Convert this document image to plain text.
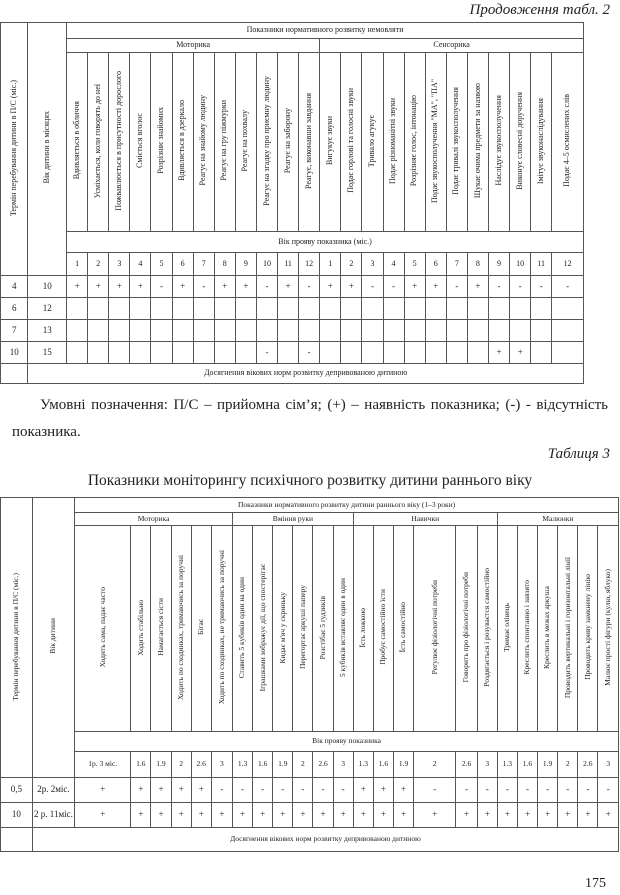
Продовження табл. 2
Термін перебування дитини в П/С (міс.)	Вік дитини в місяцях	Показники нормативного розвитку немовляти																							
		Моторика												Сенсорика											
		Вдивляється в обличчя	Усміхається, коли говорять до неї	Пожвавлюється в присутності дорослого	Сміється вголос	Розрізняє знайомих	Вдивляється в дзеркало	Реагує на знайому людину	Реагує на гру піжмурки	Реагує на похвалу	Реагує на згадку про приємну людину	Реагує на заборону	Реагує, виконавши завдання	Вигукує звуки	Подає горлові та голосні звуки	Тривало агукує	Подає різноманітні звуки	Розрізняє голос, інтонацію	Подає звукосполучення "МА", "ПА"	Подає тривалі звукосполучення	Шукає очима предмети за назвою	Наслідує звукосполучення	Виконує словесні доручення	Імітує звуконаслідування	Подає 4–5 осмислених слів
		Вік прояву показника (міс.)																							
		1	2	3	4	5	6	7	8	9	10	11	12	1	2	3	4	5	6	7	8	9	10	11	12
4	10	+	+	+	+	-	+	-	+	+	-	+	-	+	+	-	-	+	+	-	+	-	-	-	-
6	12																								
7	13																								
10	15										-		-									+	+		
	Досягнення вікових норм розвитку депривованою дитиною																								
Умовні позначення: П/С – прийомна сім’я; (+) – наявність показника; (-) - відсутність показника.
Таблиця 3
Показники моніторингу психічного розвитку дитини раннього віку
Термін перебування дитини в П/С (міс.)	Вік дитини	Показники нормативного розвитку дитини раннього віку (1–3 роки)																							
		Моторика						Вміння руки						Навички						Малюнки					
		Ходить сама, падає часто	Ходить стабільно	Намагається сісти	Ходить по сходинках, тримаючись за поручні	Бігає	Ходить по сходинках, не тримаючись за поручні	Ставить 5 кубиків один на один	Іграшками зображує дії, що спостерігає	Кидає м'яч у скриньку	Перегортає аркуші паперу	Розстібає 5 ґудзиків	5 кубиків вставляє один в один	Їсть ложкою	Пробує самостійно їсти	Їсть самостійно	Регулює фізіологічні потреби	Говорить про фізіологічні потреби	Роздягається і розуваєтся самостійно	Тримає олівець	Креслить спонтанно і завзято	Креслить в межах аркуша	Проводить вертикальні і горизонтальні лінії	Проводить криву замкнену лінію	Малює прості фігури (кулю, яблуко)
		Вік прояву показника																							
		1р. 3 міс.	1.6	1.9	2	2.6	3	1.3	1.6	1.9	2	2.6	3	1.3	1.6	1.9	2	2.6	3	1.3	1.6	1.9	2	2.6	3
0,5	2р. 2міс.	+	+	+	+	+	-	-	-	-	-	-	-	+	+	+	-	-	-	-	-	-	-	-	-
10	2 р. 11міс.	+	+	+	+	+	+	+	+	+	+	+	+	+	+	+	+	+	+	+	+	+	+	+	+
	Досягнення вікових норм розвитку депривованою дитиною																								
175
